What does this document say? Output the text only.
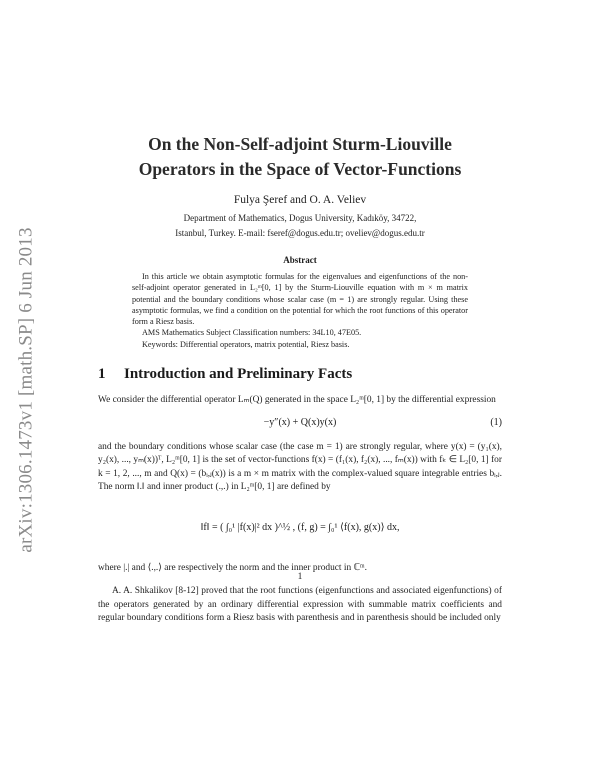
arXiv:1306.1473v1 [math.SP] 6 Jun 2013
On the Non-Self-adjoint Sturm-Liouville
Operators in the Space of Vector-Functions
Fulya Şeref and O. A. Veliev
Department of Mathematics, Dogus University, Kadıköy, 34722,
Istanbul, Turkey. E-mail: fseref@dogus.edu.tr; oveliev@dogus.edu.tr
Abstract

In this article we obtain asymptotic formulas for the eigenvalues and eigenfunctions of the non-self-adjoint operator generated in L₂ᵐ[0, 1] by the Sturm-Liouville equation with m × m matrix potential and the boundary conditions whose scalar case (m = 1) are strongly regular. Using these asymptotic formulas, we find a condition on the potential for which the root functions of this operator form a Riesz basis.

AMS Mathematics Subject Classification numbers: 34L10, 47E05.

Keywords: Differential operators, matrix potential, Riesz basis.

1 Introduction and Preliminary Facts

We consider the differential operator Lₘ(Q) generated in the space L₂ᵐ[0, 1] by the differential expression

−y″(x) + Q(x)y(x)	(1)

and the boundary conditions whose scalar case (the case m = 1) are strongly regular, where y(x) = (y₁(x), y₂(x), ..., yₘ(x))ᵀ, L₂ᵐ[0, 1] is the set of vector-functions f(x) = (f₁(x), f₂(x), ..., fₘ(x)) with fₖ ∈ L₂[0, 1] for k = 1, 2, ..., m and Q(x) = (bᵢ,ⱼ(x)) is a m × m matrix with the complex-valued square integrable entries bᵢ,ⱼ. The norm ‖.‖ and inner product (.,.) in L₂ᵐ[0, 1] are defined by

‖f‖ = ( ∫₀¹ |f(x)|² dx )^½ , (f, g) = ∫₀¹ ⟨f(x), g(x)⟩ dx,

where |.| and ⟨.,.⟩ are respectively the norm and the inner product in ℂᵐ.

A. A. Shkalikov [8-12] proved that the root functions (eigenfunctions and associated eigenfunctions) of the operators generated by an ordinary differential expression with summable matrix coefficients and regular boundary conditions form a Riesz basis with parenthesis and in parenthesis should be included only

1
